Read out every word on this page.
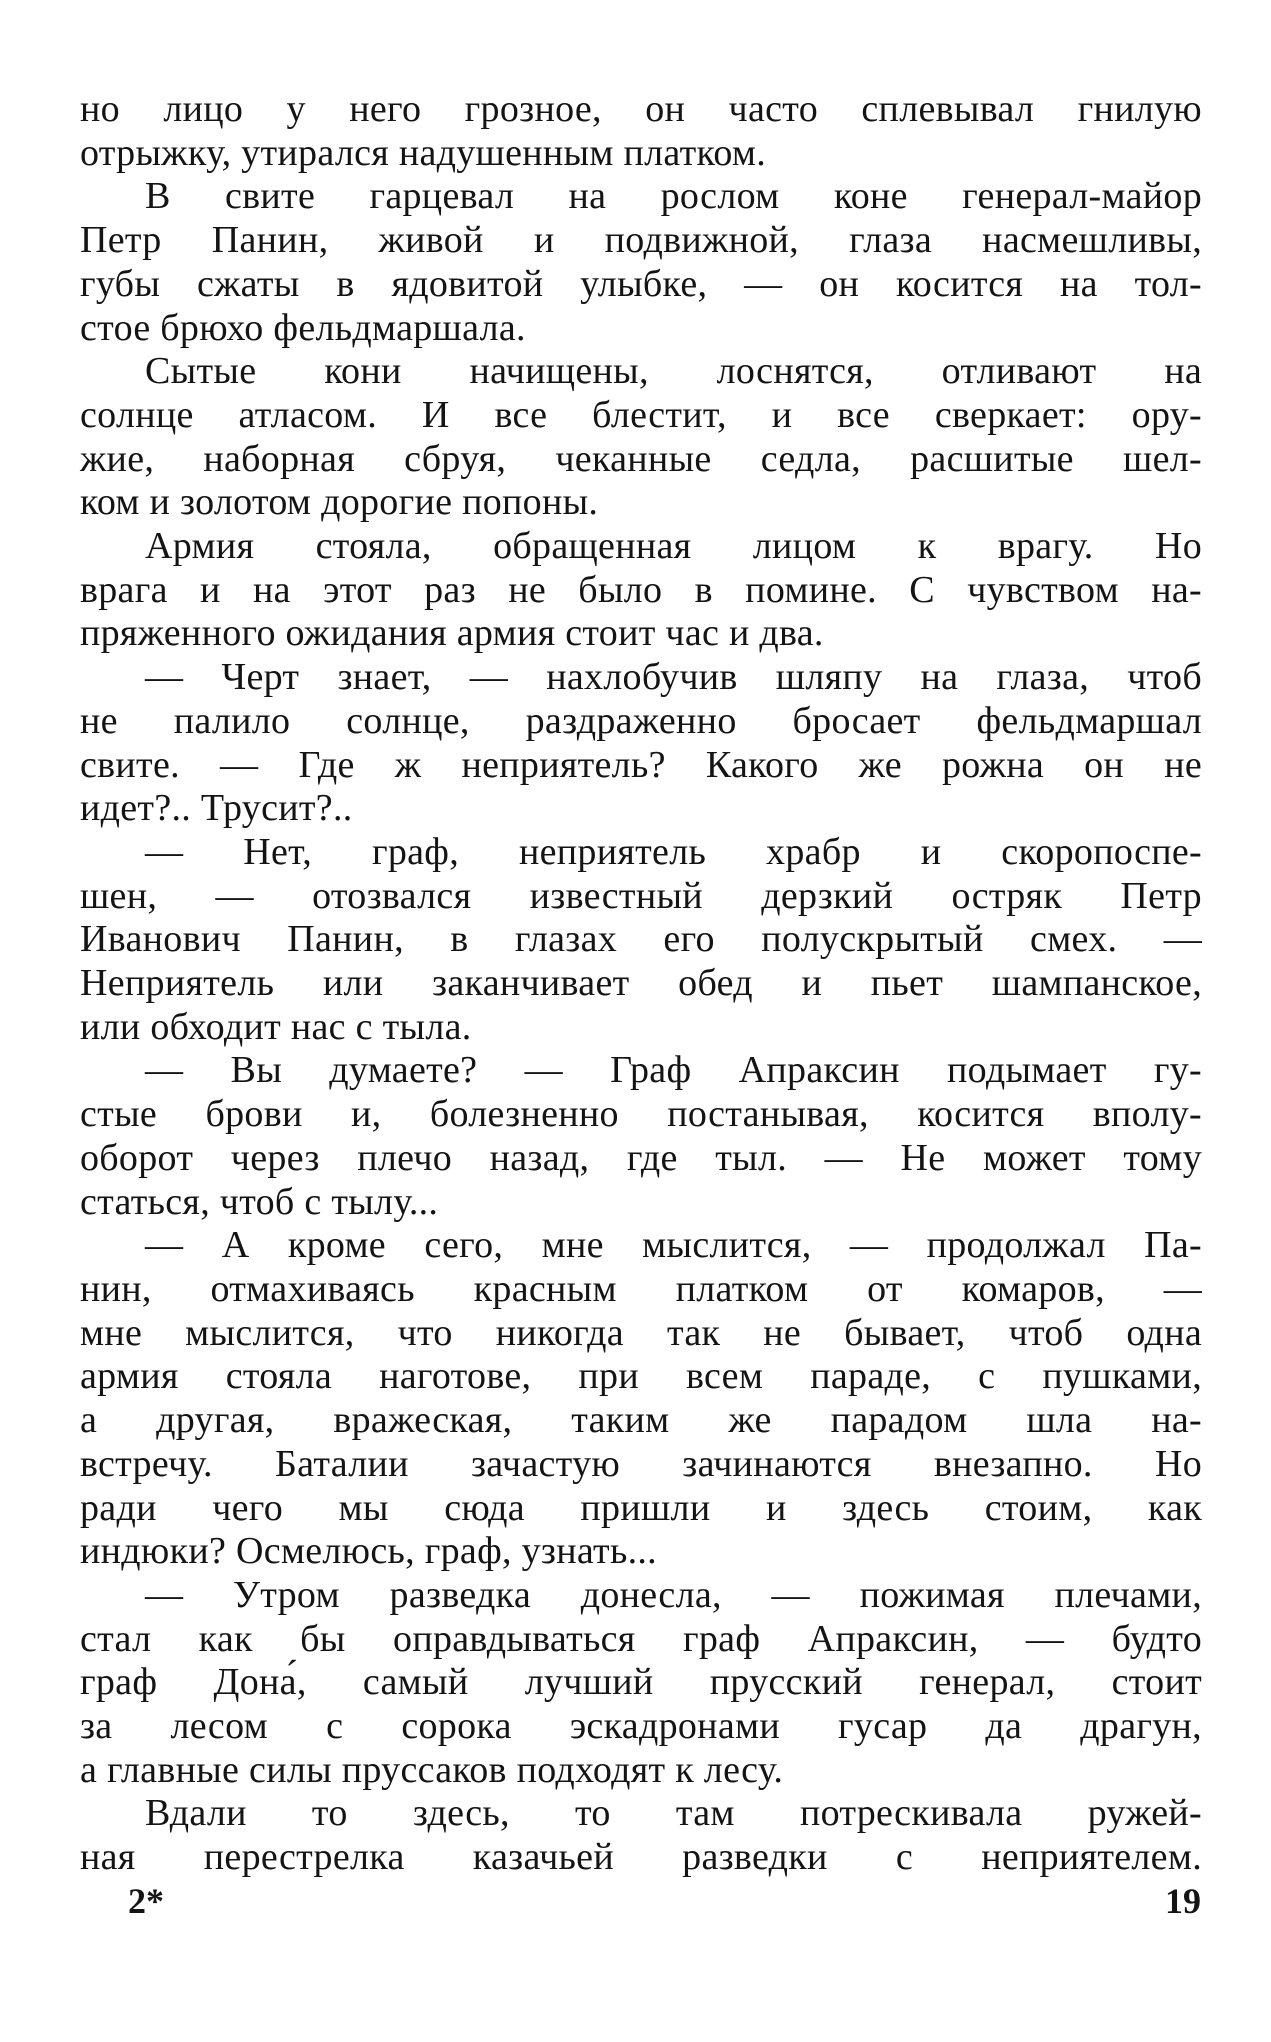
но лицо у него грозное, он часто сплевывал гнилую
отрыжку, утирался надушенным платком.

В свите гарцевал на рослом коне генерал-майор
Петр Панин, живой и подвижной, глаза насмешливы,
губы сжаты в ядовитой улыбке, — он косится на тол-
стое брюхо фельдмаршала.

Сытые кони начищены, лоснятся, отливают на
солнце атласом. И все блестит, и все сверкает: ору-
жие, наборная сбруя, чеканные седла, расшитые шел-
ком и золотом дорогие попоны.

Армия стояла, обращенная лицом к врагу. Но
врага и на этот раз не было в помине. С чувством на-
пряженного ожидания армия стоит час и два.

— Черт знает, — нахлобучив шляпу на глаза, чтоб
не палило солнце, раздраженно бросает фельдмаршал
свите. — Где ж неприятель? Какого же рожна он не
идет?.. Трусит?..

— Нет, граф, неприятель храбр и скоропоспе-
шен, — отозвался известный дерзкий остряк Петр
Иванович Панин, в глазах его полускрытый смех. —
Неприятель или заканчивает обед и пьет шампанское,
или обходит нас с тыла.

— Вы думаете? — Граф Апраксин подымает гу-
стые брови и, болезненно постанывая, косится вполу-
оборот через плечо назад, где тыл. — Не может тому
статься, чтоб с тылу...

— А кроме сего, мне мыслится, — продолжал Па-
нин, отмахиваясь красным платком от комаров, —
мне мыслится, что никогда так не бывает, чтоб одна
армия стояла наготове, при всем параде, с пушками,
а другая, вражеская, таким же парадом шла на-
встречу. Баталии зачастую зачинаются внезапно. Но
ради чего мы сюда пришли и здесь стоим, как
индюки? Осмелюсь, граф, узнать...

— Утром разведка донесла, — пожимая плечами,
стал как бы оправдываться граф Апраксин, — будто
граф Дона́, самый лучший прусский генерал, стоит
за лесом с сорока эскадронами гусар да драгун,
а главные силы пруссаков подходят к лесу.

Вдали то здесь, то там потрескивала ружей-
ная перестрелка казачьей разведки с неприятелем.

2*	19
